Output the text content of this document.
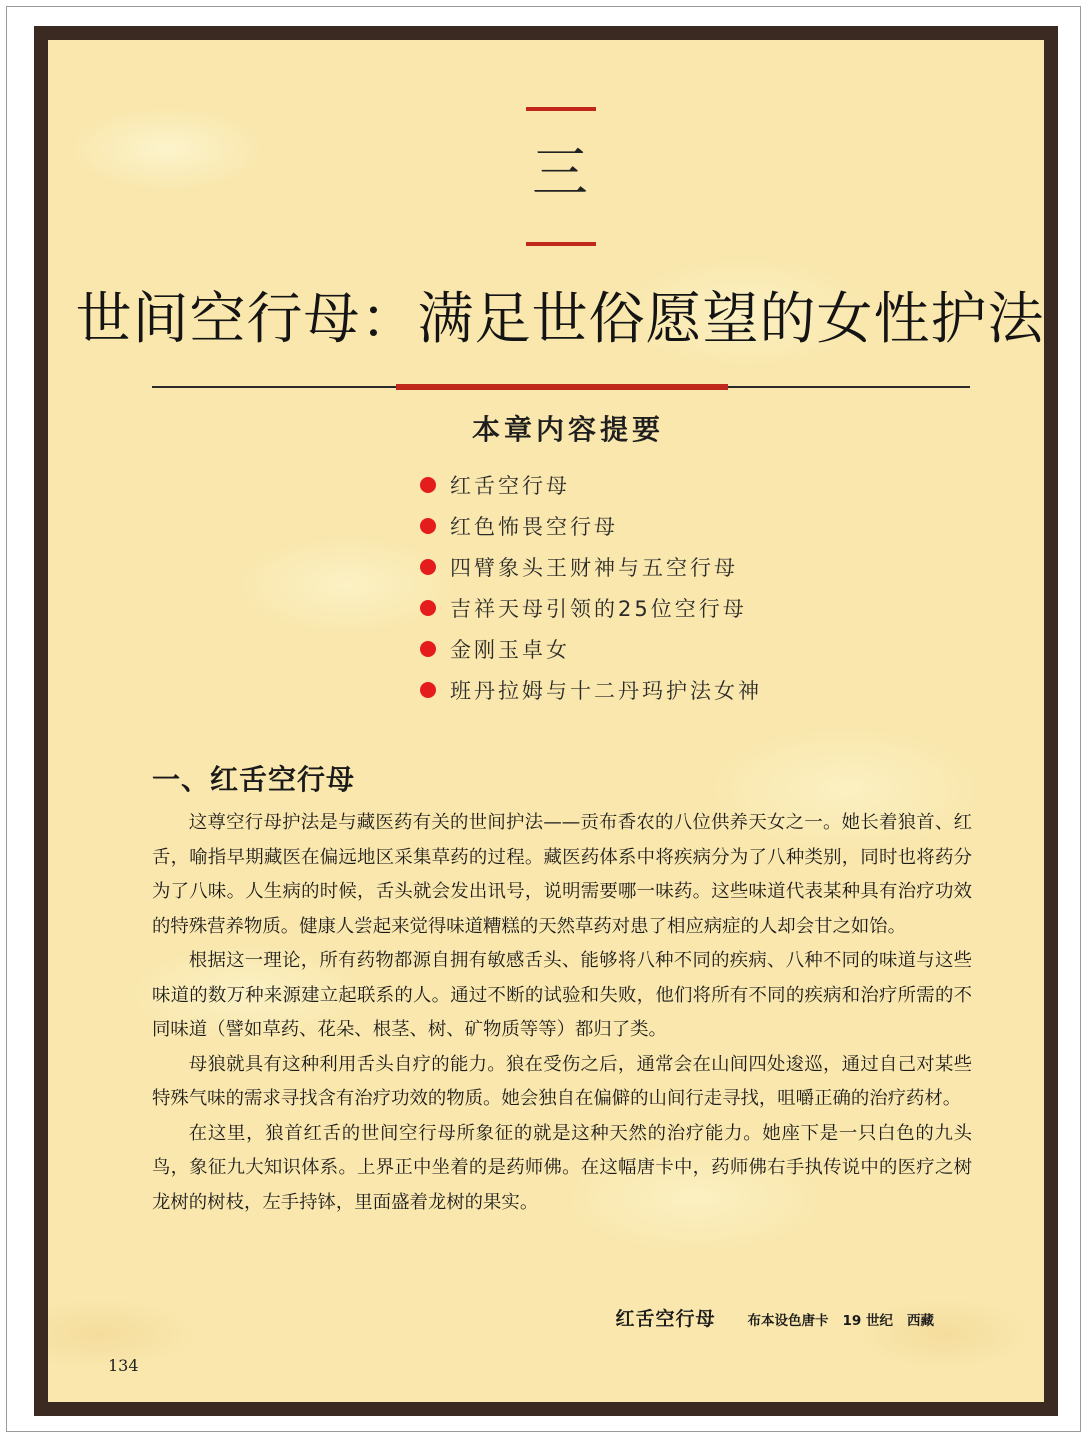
三
世间空行母：满足世俗愿望的女性护法
本章内容提要
红舌空行母
红色怖畏空行母
四臂象头王财神与五空行母
吉祥天母引领的25位空行母
金刚玉卓女
班丹拉姆与十二丹玛护法女神
一、红舌空行母

这尊空行母护法是与藏医药有关的世间护法——贡布香农的八位供养天女之一。她长着狼首、红舌，喻指早期藏医在偏远地区采集草药的过程。藏医药体系中将疾病分为了八种类别，同时也将药分为了八味。人生病的时候，舌头就会发出讯号，说明需要哪一味药。这些味道代表某种具有治疗功效的特殊营养物质。健康人尝起来觉得味道糟糕的天然草药对患了相应病症的人却会甘之如饴。

根据这一理论，所有药物都源自拥有敏感舌头、能够将八种不同的疾病、八种不同的味道与这些味道的数万种来源建立起联系的人。通过不断的试验和失败，他们将所有不同的疾病和治疗所需的不同味道（譬如草药、花朵、根茎、树、矿物质等等）都归了类。

母狼就具有这种利用舌头自疗的能力。狼在受伤之后，通常会在山间四处逡巡，通过自己对某些特殊气味的需求寻找含有治疗功效的物质。她会独自在偏僻的山间行走寻找，咀嚼正确的治疗药材。

在这里，狼首红舌的世间空行母所象征的就是这种天然的治疗能力。她座下是一只白色的九头鸟，象征九大知识体系。上界正中坐着的是药师佛。在这幅唐卡中，药师佛右手执传说中的医疗之树龙树的树枝，左手持钵，里面盛着龙树的果实。

红舌空行母 布本设色唐卡 19 世纪 西藏
134
